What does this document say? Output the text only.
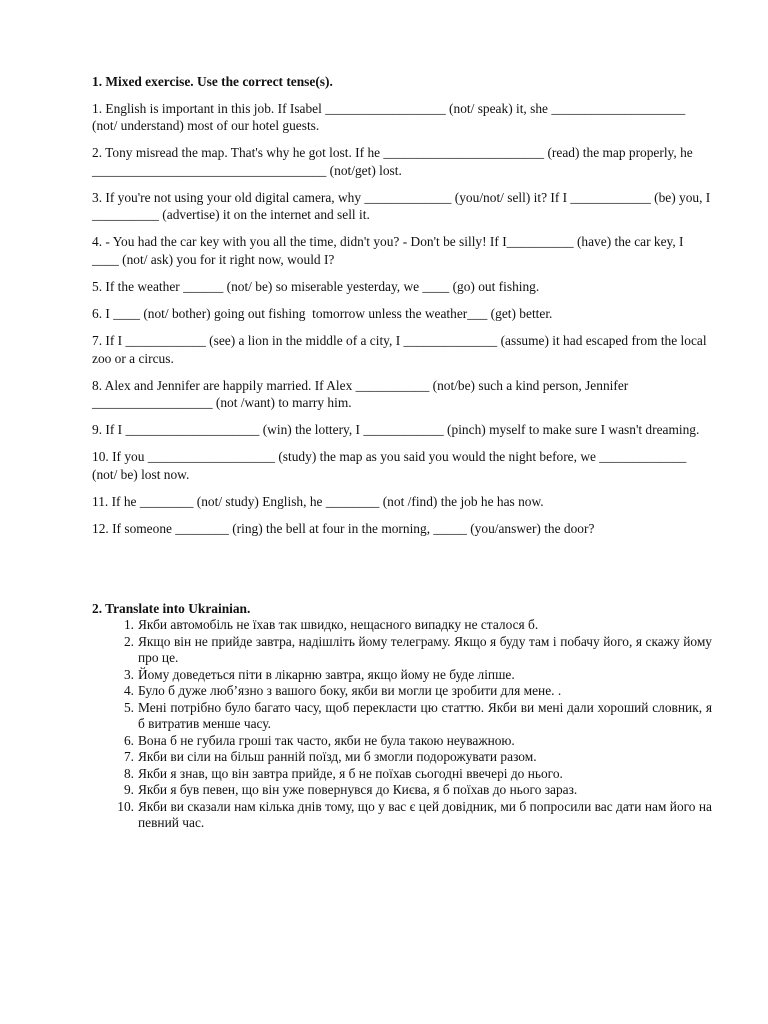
1. Mixed exercise. Use the correct tense(s).

1. English is important in this job. If Isabel __________________ (not/ speak) it, she ____________________ (not/ understand) most of our hotel guests.

2. Tony misread the map. That's why he got lost. If he ________________________ (read) the map properly, he ___________________________________ (not/get) lost.

3. If you're not using your old digital camera, why _____________ (you/not/ sell) it? If I ____________ (be) you, I __________ (advertise) it on the internet and sell it.

4. - You had the car key with you all the time, didn't you? - Don't be silly! If I__________ (have) the car key, I ____ (not/ ask) you for it right now, would I?

5. If the weather ______ (not/ be) so miserable yesterday, we ____ (go) out fishing.

6. I ____ (not/ bother) going out fishing  tomorrow unless the weather___ (get) better.

7. If I ____________ (see) a lion in the middle of a city, I ______________ (assume) it had escaped from the local zoo or a circus.

8. Alex and Jennifer are happily married. If Alex ___________ (not/be) such a kind person, Jennifer __________________ (not /want) to marry him.

9. If I ____________________ (win) the lottery, I ____________ (pinch) myself to make sure I wasn't dreaming.

10. If you ___________________ (study) the map as you said you would the night before, we _____________ (not/ be) lost now.

11. If he ________ (not/ study) English, he ________ (not /find) the job he has now.

12. If someone ________ (ring) the bell at four in the morning, _____ (you/answer) the door?

2. Translate into Ukrainian.

1. Якби автомобіль не їхав так швидко, нещасного випадку не сталося б.
2. Якщо він не прийде завтра, надішліть йому телеграму. Якщо я буду там і побачу його, я скажу йому про це.
3. Йому доведеться піти в лікарню завтра, якщо йому не буде ліпше.
4. Було б дуже люб’язно з вашого боку, якби ви могли це зробити для мене. .
5. Мені потрібно було багато часу, щоб перекласти цю статтю. Якби ви мені дали хороший словник, я б витратив менше часу.
6. Вона б не губила гроші так часто, якби не була такою неуважною.
7. Якби ви сіли на більш ранній поїзд, ми б змогли подорожувати разом.
8. Якби я знав, що він завтра прийде, я б не поїхав сьогодні ввечері до нього.
9. Якби я був певен, що він уже повернувся до Києва, я б поїхав до нього зараз.
10. Якби ви сказали нам кілька днів тому, що у вас є цей довідник, ми б попросили вас дати нам його на певний час.
